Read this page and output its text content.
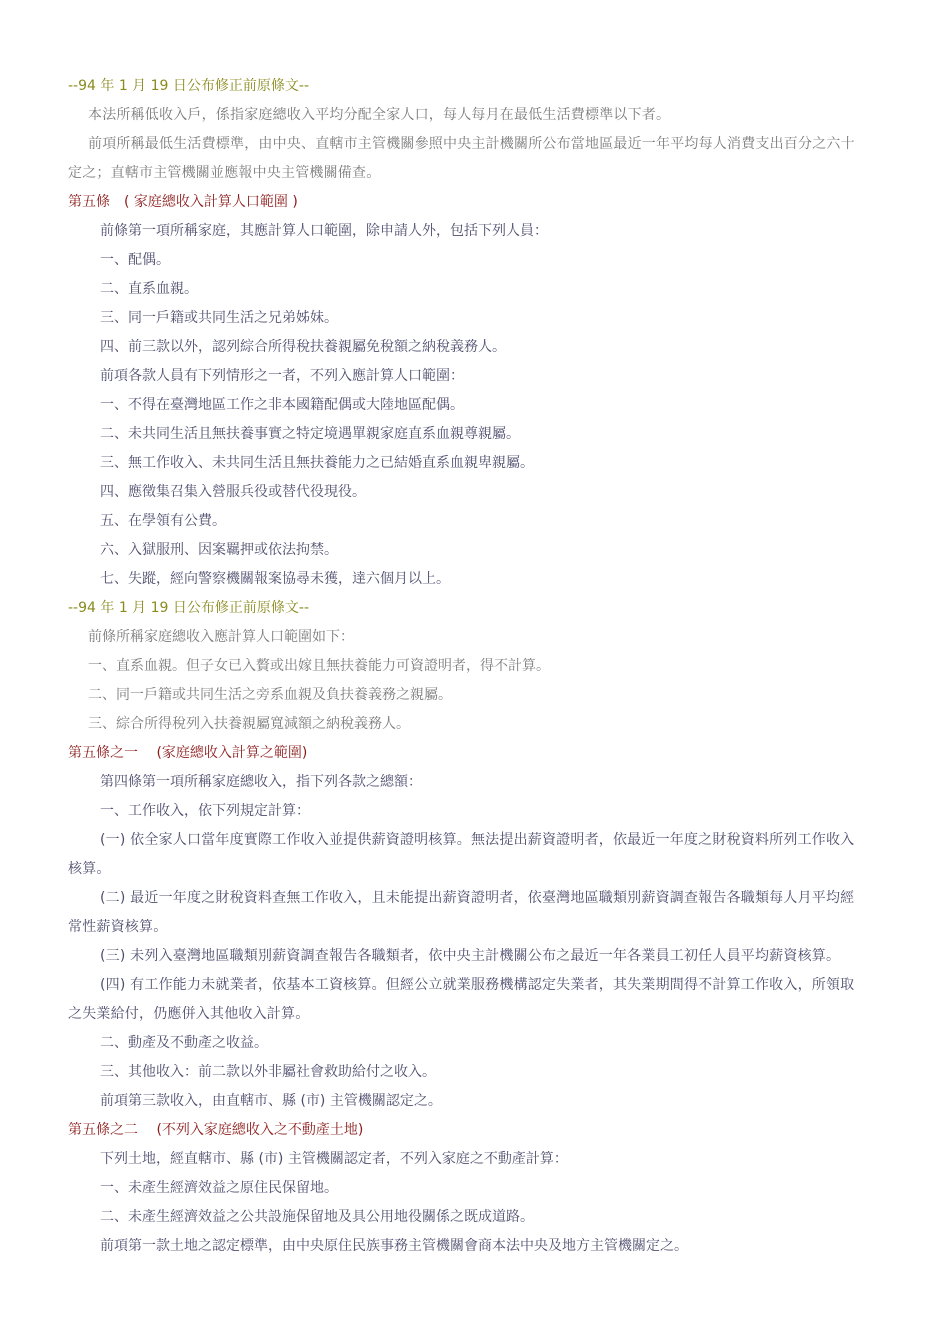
--94 年 1 月 19 日公布修正前原條文--

本法所稱低收入戶，係指家庭總收入平均分配全家人口，每人每月在最低生活費標準以下者。

前項所稱最低生活費標準，由中央、直轄市主管機關參照中央主計機關所公布當地區最近一年平均每人消費支出百分之六十定之；直轄市主管機關並應報中央主管機關備查。

第五條　( 家庭總收入計算人口範圍 )

前條第一項所稱家庭，其應計算人口範圍，除申請人外，包括下列人員：

一、配偶。

二、直系血親。

三、同一戶籍或共同生活之兄弟姊妹。

四、前三款以外，認列綜合所得稅扶養親屬免稅額之納稅義務人。

前項各款人員有下列情形之一者，不列入應計算人口範圍：

一、不得在臺灣地區工作之非本國籍配偶或大陸地區配偶。

二、未共同生活且無扶養事實之特定境遇單親家庭直系血親尊親屬。

三、無工作收入、未共同生活且無扶養能力之已結婚直系血親卑親屬。

四、應徵集召集入營服兵役或替代役現役。

五、在學領有公費。

六、入獄服刑、因案羈押或依法拘禁。

七、失蹤，經向警察機關報案協尋未獲，達六個月以上。

--94 年 1 月 19 日公布修正前原條文--

前條所稱家庭總收入應計算人口範圍如下：

一、直系血親。但子女已入贅或出嫁且無扶養能力可資證明者，得不計算。

二、同一戶籍或共同生活之旁系血親及負扶養義務之親屬。

三、綜合所得稅列入扶養親屬寬減額之納稅義務人。

第五條之一　 (家庭總收入計算之範圍)

第四條第一項所稱家庭總收入，指下列各款之總額：

一、工作收入，依下列規定計算：

(一) 依全家人口當年度實際工作收入並提供薪資證明核算。無法提出薪資證明者，依最近一年度之財稅資料所列工作收入核算。

(二) 最近一年度之財稅資料查無工作收入，且未能提出薪資證明者，依臺灣地區職類別薪資調查報告各職類每人月平均經常性薪資核算。

(三) 未列入臺灣地區職類別薪資調查報告各職類者，依中央主計機關公布之最近一年各業員工初任人員平均薪資核算。

(四) 有工作能力未就業者，依基本工資核算。但經公立就業服務機構認定失業者，其失業期間得不計算工作收入，所領取之失業給付，仍應併入其他收入計算。

二、動產及不動產之收益。

三、其他收入：前二款以外非屬社會救助給付之收入。

前項第三款收入，由直轄市、縣 (市) 主管機關認定之。

第五條之二　 (不列入家庭總收入之不動產土地)

下列土地，經直轄市、縣 (市) 主管機關認定者，不列入家庭之不動產計算：

一、未產生經濟效益之原住民保留地。

二、未產生經濟效益之公共設施保留地及具公用地役關係之既成道路。

前項第一款土地之認定標準，由中央原住民族事務主管機關會商本法中央及地方主管機關定之。
